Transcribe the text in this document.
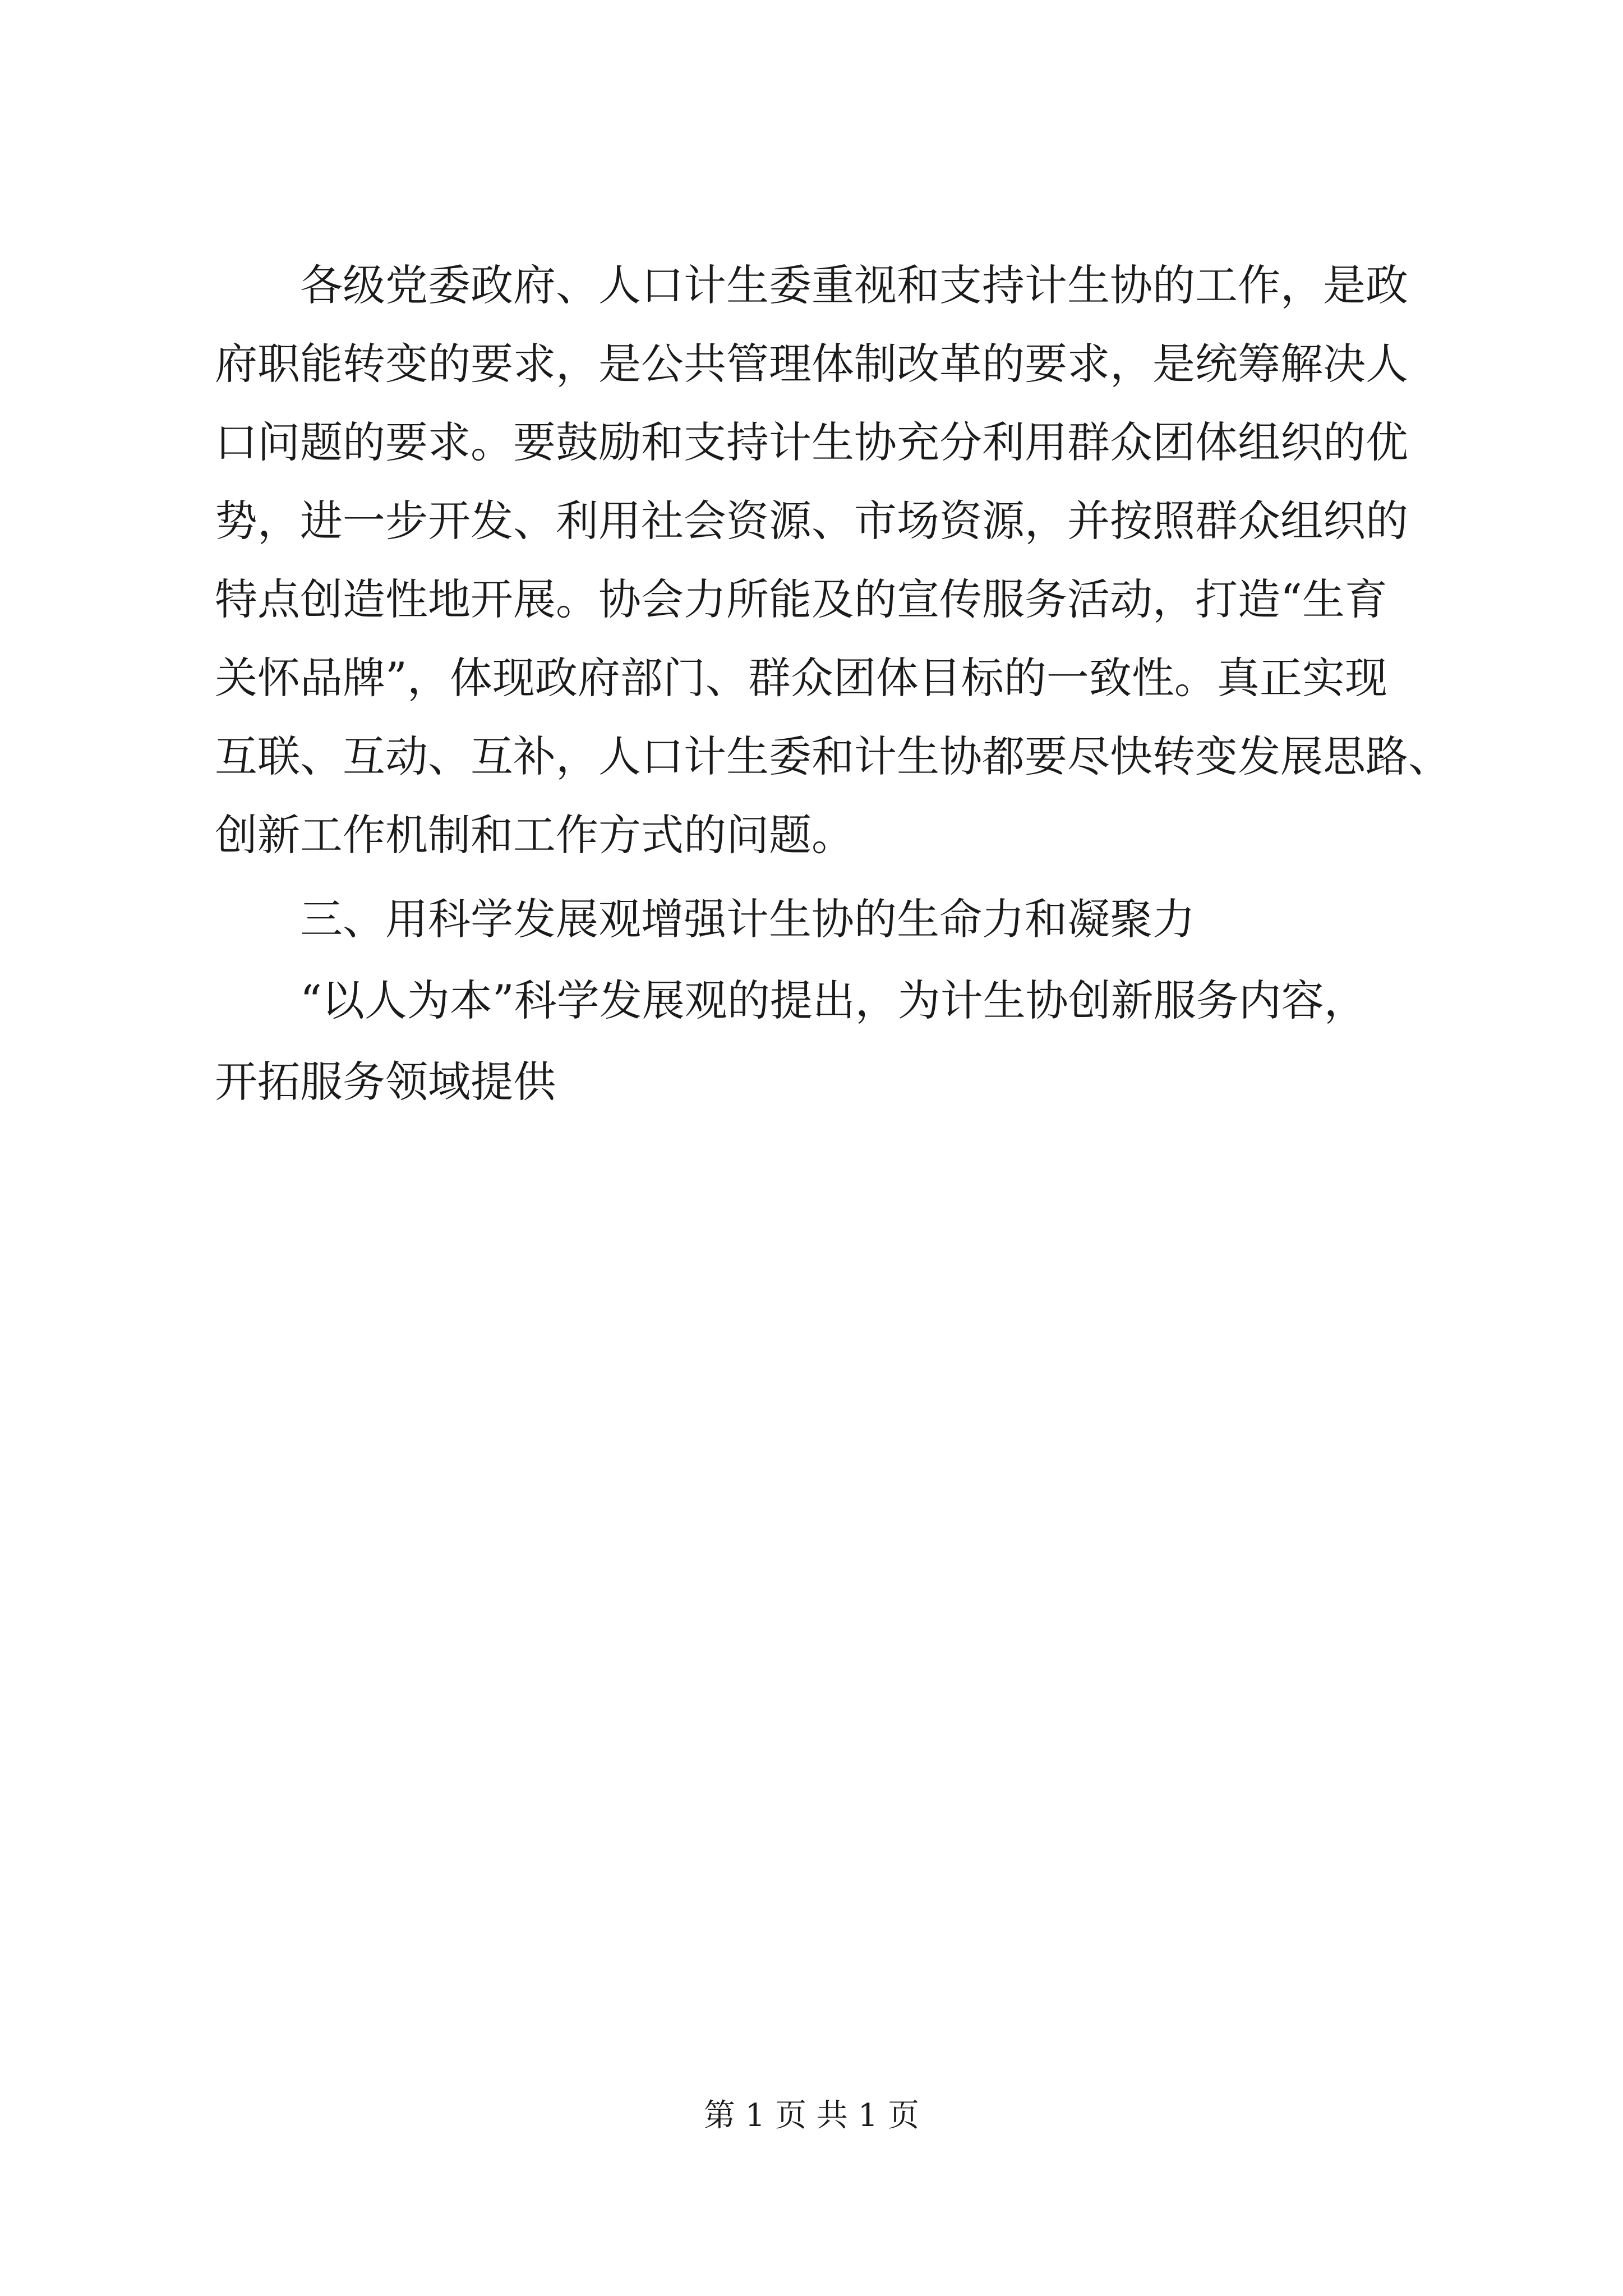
　　各级党委政府、人口计生委重视和支持计生协的工作，是政
府职能转变的要求，是公共管理体制改革的要求，是统筹解决人
口问题的要求。要鼓励和支持计生协充分利用群众团体组织的优
势，进一步开发、利用社会资源、市场资源，并按照群众组织的
特点创造性地开展。协会力所能及的宣传服务活动，打造“生育
关怀品牌”，体现政府部门、群众团体目标的一致性。真正实现
互联、互动、互补，人口计生委和计生协都要尽快转变发展思路、
创新工作机制和工作方式的问题。
　　三、用科学发展观增强计生协的生命力和凝聚力
　　“以人为本”科学发展观的提出，为计生协创新服务内容，
开拓服务领域提供
第 1 页 共 1 页
